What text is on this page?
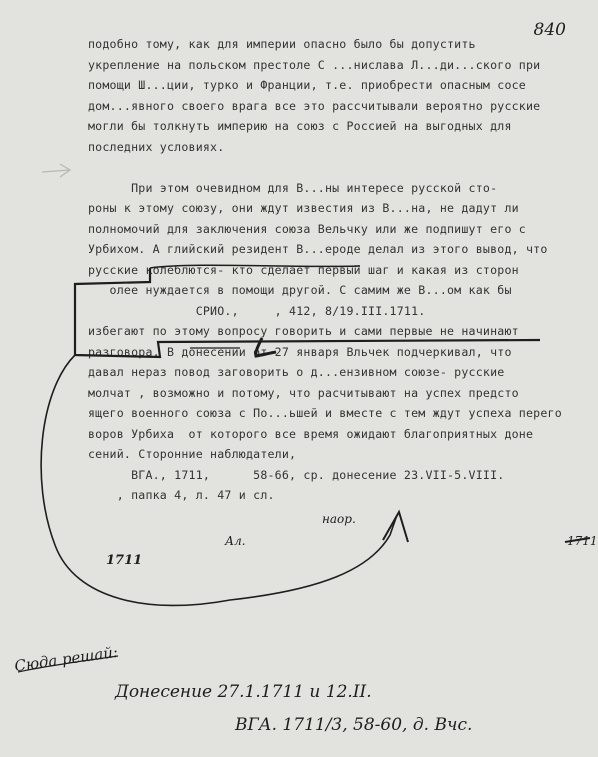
840
подобно тому, как для империи опасно было бы допустить
укрепление на польском престоле С ...нислава Л...ди...ского при
помощи Ш...ции, турко и Франции, т.е. приобрести опасным сосе
дом...явного своего врага все это рассчитывали вероятно русские
могли бы толкнуть империю на союз с Россией на выгодных для
последних условиях.
При этом очевидном для В...ны интересе русской сто-
роны к этому союзу, они ждут известия из В...на, не дадут ли
полномочий для заключения союза Вельчку или же подпишут его с
Урбихом. А глийский резидент В...ероде делал из этого вывод, что
русские колеблются- кто сделает первый шаг и какая из сторон
олее нуждается в помощи другой. С самим же В...ом как бы
СРИО.,     , 412, 8/19.III.1711.
избегают по этому вопросу говорить и сами первые не начинают
разговора. В донесении от 27 января Вльчек подчеркивал, что
давал нераз повод заговорить о д...ензивном союзе- русские
молчат , возможно и потому, что расчитывают на успех предсто
ящего военного союза с По...ьшей и вместе с тем ждут успеха перего
воров Урбиха  от которого все время ожидают благоприятных доне
сений. Сторонние наблюдатели,
ВГА., 1711,      58-66, ср. донесение 23.VII-5.VIII.
, папка 4, л. 47 и сл.
наор.
Ал.	1711
1711
Сюда решай:
Донесение 27.1.1711 и 12.II.
ВГА. 1711/3, 58-60, д. Вчс.
